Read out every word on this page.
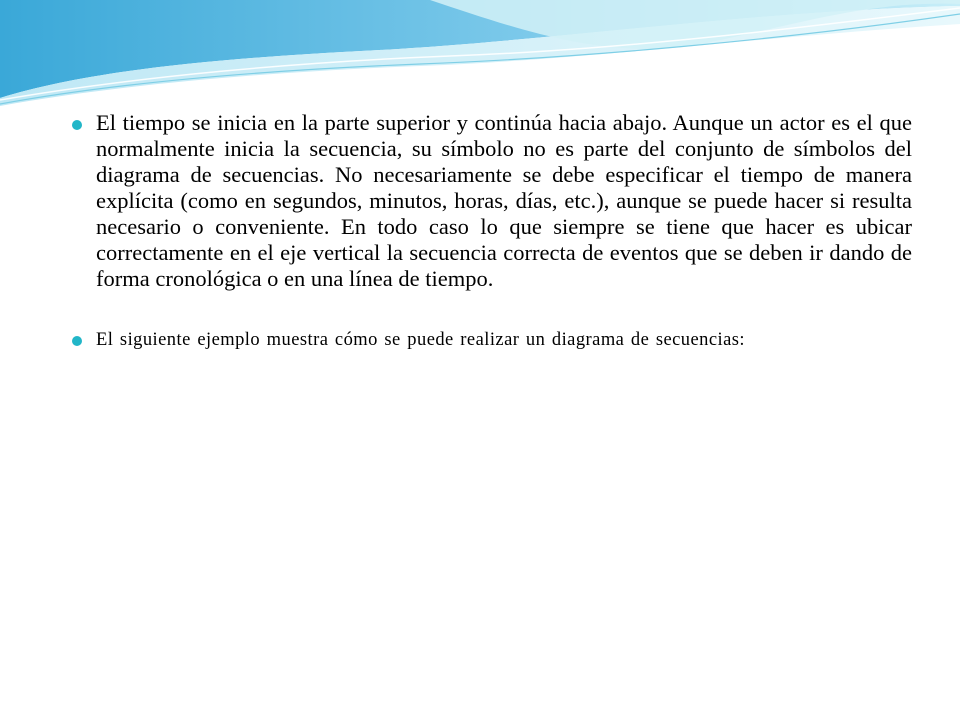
El tiempo se inicia en la parte superior y continúa hacia abajo. Aunque un actor es el que normalmente inicia la secuencia, su símbolo no es parte del conjunto de símbolos del diagrama de secuencias. No necesariamente se debe especificar el tiempo de manera explícita (como en segundos, minutos, horas, días, etc.), aunque se puede hacer si resulta necesario o conveniente. En todo caso lo que siempre se tiene que hacer es ubicar correctamente en el eje vertical la secuencia correcta de eventos que se deben ir dando de forma cronológica o en una línea de tiempo.
El siguiente ejemplo muestra cómo se puede realizar un diagrama de secuencias:
